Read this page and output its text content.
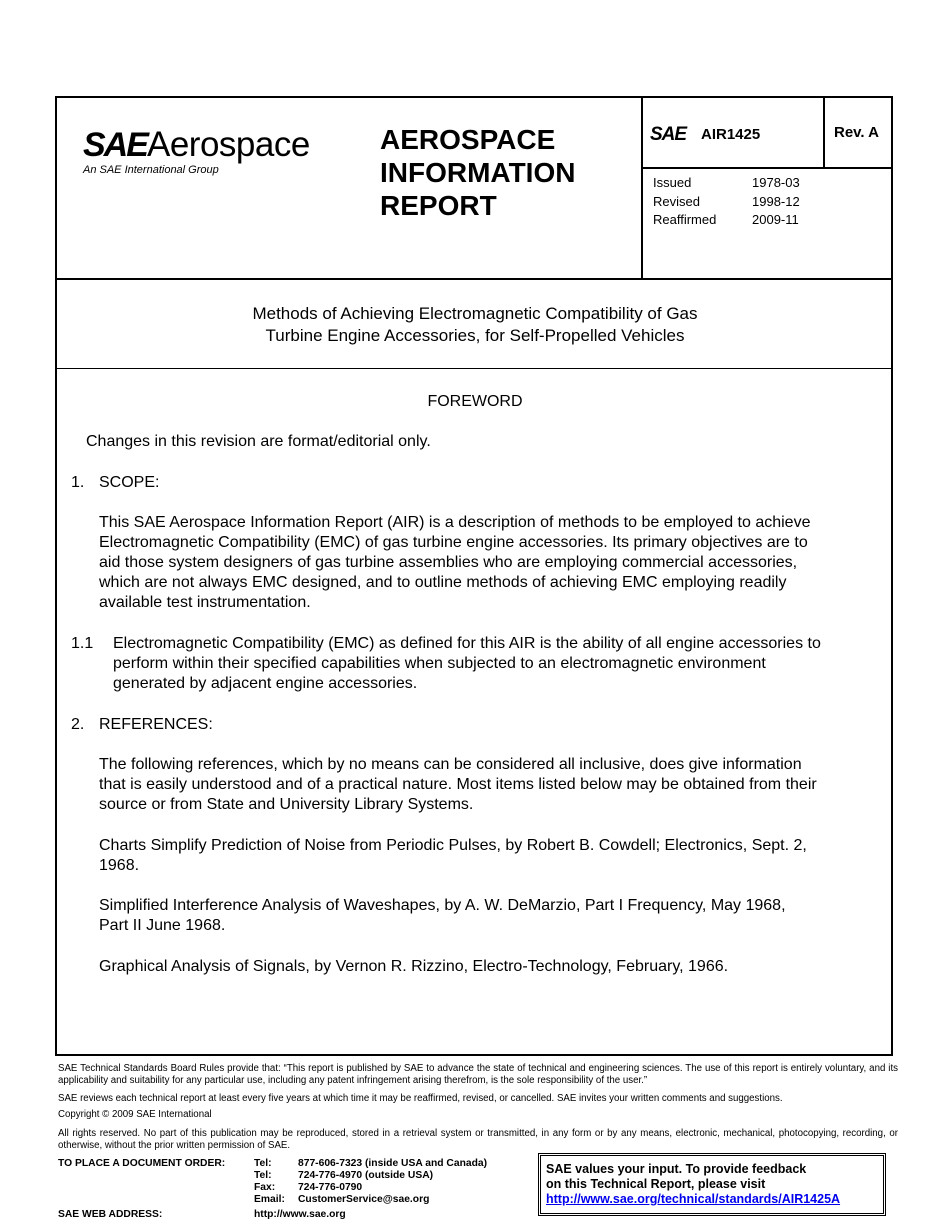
SAE Aerospace
An SAE International Group
AEROSPACE
INFORMATION
REPORT
SAE AIR1425	Rev. A
Issued	1978-03
Revised	1998-12
Reaffirmed	2009-11
Methods of Achieving Electromagnetic Compatibility of Gas
Turbine Engine Accessories, for Self-Propelled Vehicles
FOREWORD
Changes in this revision are format/editorial only.
1. SCOPE:
This SAE Aerospace Information Report (AIR) is a description of methods to be employed to achieve
Electromagnetic Compatibility (EMC) of gas turbine engine accessories. Its primary objectives are to
aid those system designers of gas turbine assemblies who are employing commercial accessories,
which are not always EMC designed, and to outline methods of achieving EMC employing readily
available test instrumentation.
1.1 Electromagnetic Compatibility (EMC) as defined for this AIR is the ability of all engine accessories to
perform within their specified capabilities when subjected to an electromagnetic environment
generated by adjacent engine accessories.
2. REFERENCES:
The following references, which by no means can be considered all inclusive, does give information
that is easily understood and of a practical nature. Most items listed below may be obtained from their
source or from State and University Library Systems.
Charts Simplify Prediction of Noise from Periodic Pulses, by Robert B. Cowdell; Electronics, Sept. 2,
1968.
Simplified Interference Analysis of Waveshapes, by A. W. DeMarzio, Part I Frequency, May 1968,
Part II June 1968.
Graphical Analysis of Signals, by Vernon R. Rizzino, Electro-Technology, February, 1966.
SAE Technical Standards Board Rules provide that: “This report is published by SAE to advance the state of technical and engineering sciences. The use of this report is entirely voluntary, and its applicability and suitability for any particular use, including any patent infringement arising therefrom, is the sole responsibility of the user.”
SAE reviews each technical report at least every five years at which time it may be reaffirmed, revised, or cancelled. SAE invites your written comments and suggestions.
Copyright © 2009 SAE International
All rights reserved. No part of this publication may be reproduced, stored in a retrieval system or transmitted, in any form or by any means, electronic, mechanical, photocopying, recording, or otherwise, without the prior written permission of SAE.
TO PLACE A DOCUMENT ORDER:
SAE WEB ADDRESS:
Tel:	877-606-7323 (inside USA and Canada)
Tel:	724-776-4970 (outside USA)
Fax:	724-776-0790
Email:	CustomerService@sae.org
http://www.sae.org
SAE values your input. To provide feedback
on this Technical Report, please visit
http://www.sae.org/technical/standards/AIR1425A
